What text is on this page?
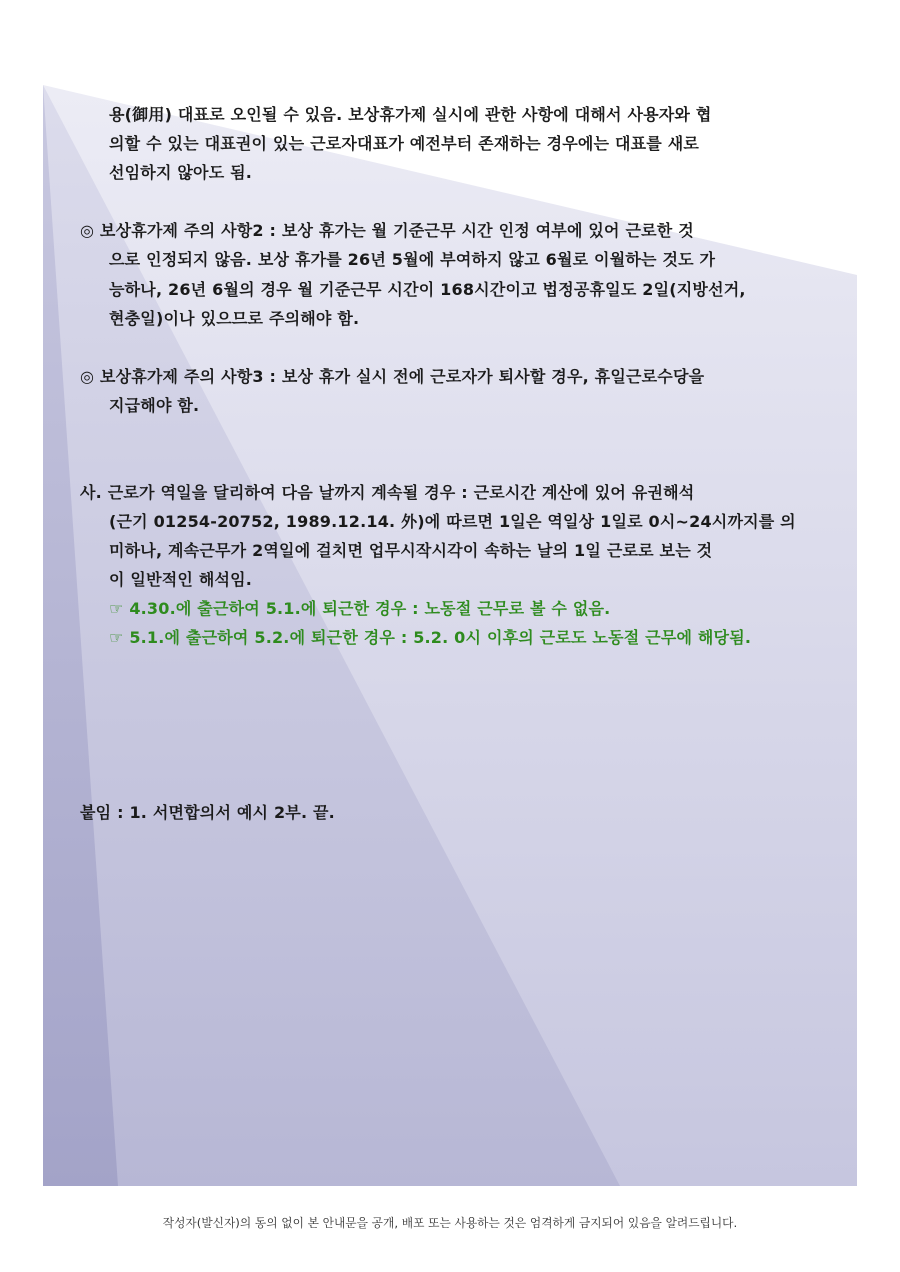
용(御用) 대표로 오인될 수 있음. 보상휴가제 실시에 관한 사항에 대해서 사용자와 협
의할 수 있는 대표권이 있는 근로자대표가 예전부터 존재하는 경우에는 대표를 새로
선임하지 않아도 됨.
◎ 보상휴가제 주의 사항2 : 보상 휴가는 월 기준근무 시간 인정 여부에 있어 근로한 것
으로 인정되지 않음. 보상 휴가를 26년 5월에 부여하지 않고 6월로 이월하는 것도 가
능하나, 26년 6월의 경우 월 기준근무 시간이 168시간이고 법정공휴일도 2일(지방선거,
현충일)이나 있으므로 주의해야 함.
◎ 보상휴가제 주의 사항3 : 보상 휴가 실시 전에 근로자가 퇴사할 경우, 휴일근로수당을
지급해야 함.
사. 근로가 역일을 달리하여 다음 날까지 계속될 경우 : 근로시간 계산에 있어 유권해석
(근기 01254-20752, 1989.12.14. 外)에 따르면 1일은 역일상 1일로 0시~24시까지를 의
미하나, 계속근무가 2역일에 걸치면 업무시작시각이 속하는 날의 1일 근로로 보는 것
이 일반적인 해석임.
☞ 4.30.에 출근하여 5.1.에 퇴근한 경우 : 노동절 근무로 볼 수 없음.
☞ 5.1.에 출근하여 5.2.에 퇴근한 경우 : 5.2. 0시 이후의 근로도 노동절 근무에 해당됨.
붙임 : 1. 서면합의서 예시 2부. 끝.
작성자(발신자)의 동의 없이 본 안내문을 공개, 배포 또는 사용하는 것은 엄격하게 금지되어 있음을 알려드립니다.
